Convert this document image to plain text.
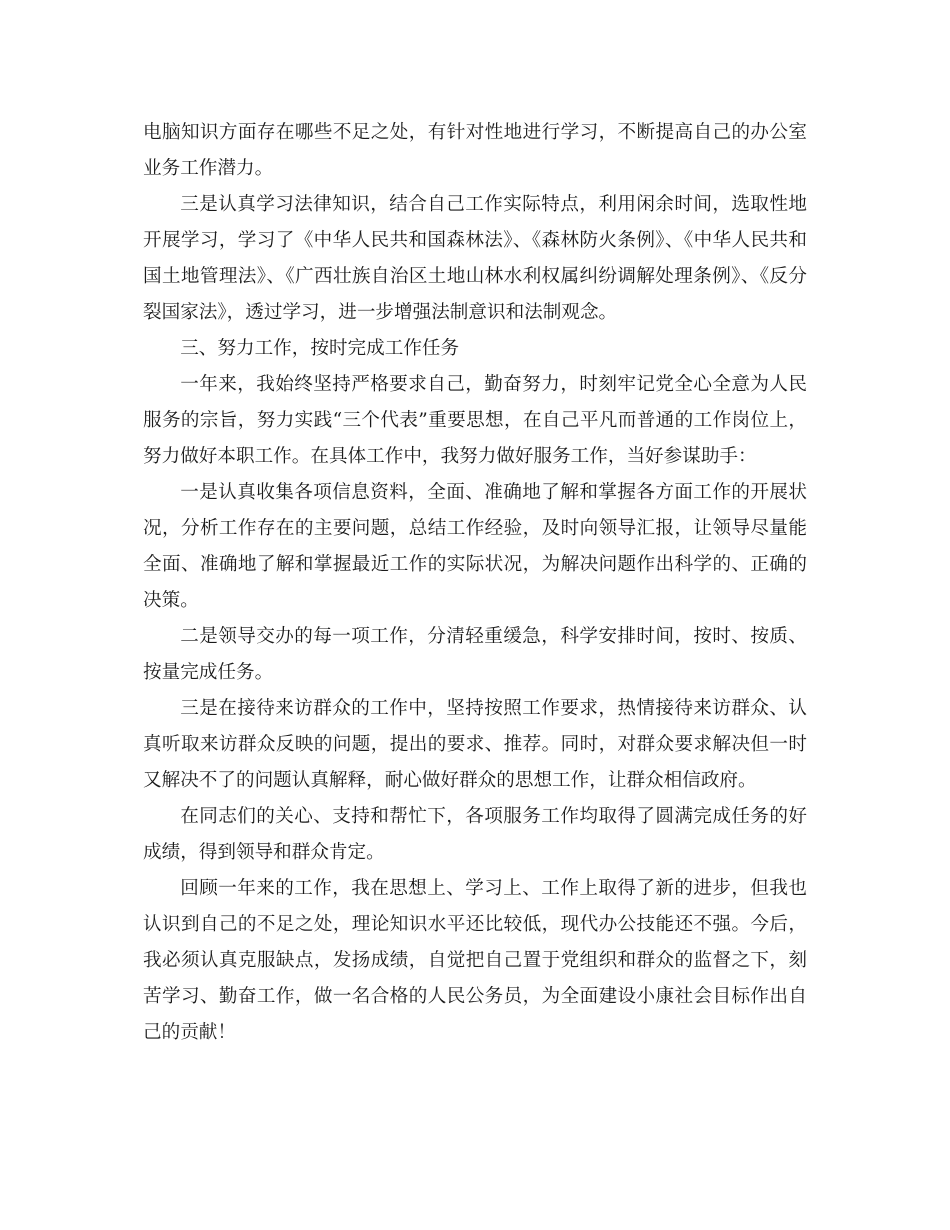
电脑知识方面存在哪些不足之处，有针对性地进行学习，不断提高自己的办公室业务工作潜力。

三是认真学习法律知识，结合自己工作实际特点，利用闲余时间，选取性地开展学习，学习了《中华人民共和国森林法》、《森林防火条例》、《中华人民共和国土地管理法》、《广西壮族自治区土地山林水利权属纠纷调解处理条例》、《反分裂国家法》，透过学习，进一步增强法制意识和法制观念。

三、努力工作，按时完成工作任务

一年来，我始终坚持严格要求自己，勤奋努力，时刻牢记党全心全意为人民服务的宗旨，努力实践“三个代表”重要思想，在自己平凡而普通的工作岗位上，努力做好本职工作。在具体工作中，我努力做好服务工作，当好参谋助手：

一是认真收集各项信息资料，全面、准确地了解和掌握各方面工作的开展状况，分析工作存在的主要问题，总结工作经验，及时向领导汇报，让领导尽量能全面、准确地了解和掌握最近工作的实际状况，为解决问题作出科学的、正确的决策。

二是领导交办的每一项工作，分清轻重缓急，科学安排时间，按时、按质、按量完成任务。

三是在接待来访群众的工作中，坚持按照工作要求，热情接待来访群众、认真听取来访群众反映的问题，提出的要求、推荐。同时，对群众要求解决但一时又解决不了的问题认真解释，耐心做好群众的思想工作，让群众相信政府。

在同志们的关心、支持和帮忙下，各项服务工作均取得了圆满完成任务的好成绩，得到领导和群众肯定。

回顾一年来的工作，我在思想上、学习上、工作上取得了新的进步，但我也认识到自己的不足之处，理论知识水平还比较低，现代办公技能还不强。今后，我必须认真克服缺点，发扬成绩，自觉把自己置于党组织和群众的监督之下，刻苦学习、勤奋工作，做一名合格的人民公务员，为全面建设小康社会目标作出自己的贡献！
